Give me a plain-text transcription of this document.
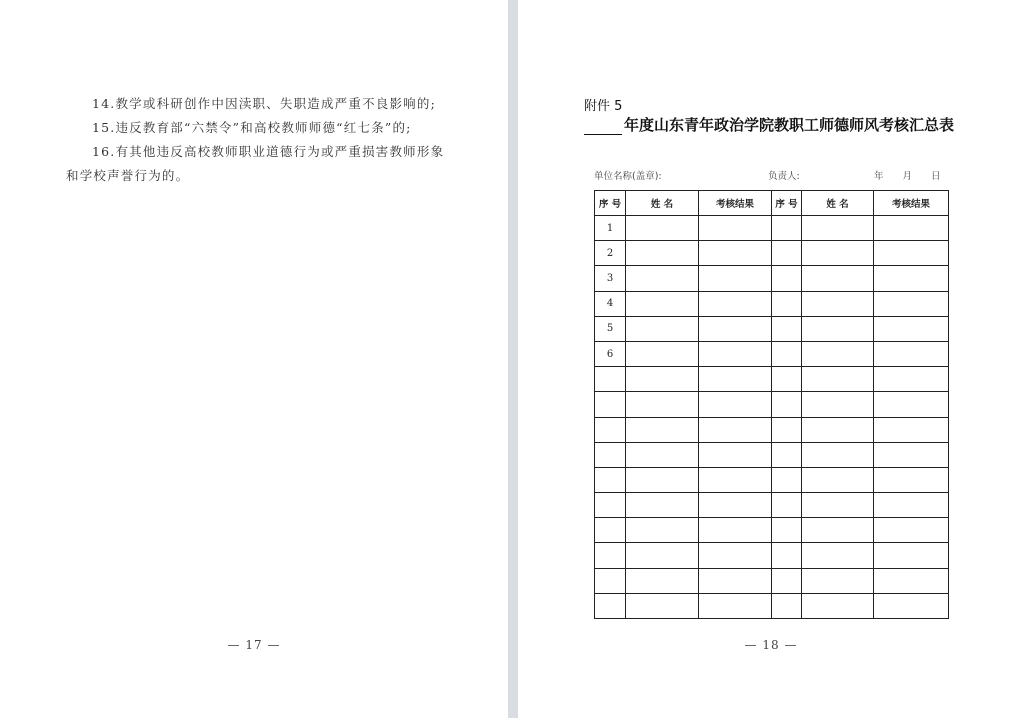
14.教学或科研创作中因渎职、失职造成严重不良影响的;

15.违反教育部“六禁令”和高校教师师德“红七条”的;

16.有其他违反高校教师职业道德行为或严重损害教师形象和学校声誉行为的。

— 17 —
附件 5
年度山东青年政治学院教职工师德师风考核汇总表
单位名称(盖章):	负责人:	年 月 日
序 号	姓 名	考核结果	序 号	姓 名	考核结果
1					
2					
3					
4					
5					
6					

— 18 —
